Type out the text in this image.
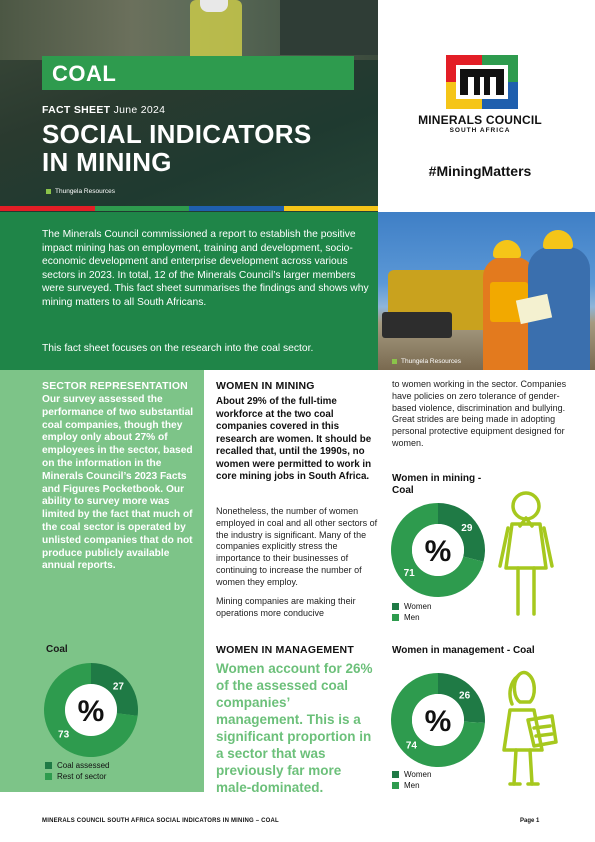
COAL
FACT SHEET June 2024
SOCIAL INDICATORS
IN MINING
Thungela Resources
MINERALS COUNCIL
SOUTH AFRICA
#MiningMatters

The Minerals Council commissioned a report to establish the positive impact mining has on employment, training and development, socio-economic development and enterprise development across various sectors in 2023. In total, 12 of the Minerals Council’s larger members were surveyed. This fact sheet summarises the findings and shows why mining matters to all South Africans.

This fact sheet focuses on the research into the coal sector.

Thungela Resources
SECTOR REPRESENTATION
Our survey assessed the performance of two substantial coal companies, though they employ only about 27% of employees in the sector, based on the information in the Minerals Council’s 2023 Facts and Figures Pocketbook. Our ability to survey more was limited by the fact that much of the coal sector is operated by unlisted companies that do not produce publicly available annual reports.
Coal
WOMEN IN MINING
About 29% of the full-time workforce at the two coal companies covered in this research are women. It should be recalled that, until the 1990s, no women were permitted to work in core mining jobs in South Africa.
Nonetheless, the number of women employed in coal and all other sectors of the industry is significant. Many of the companies explicitly stress the importance to their businesses of continuing to increase the number of women they employ.
Mining companies are making their operations more conducive
to women working in the sector. Companies have policies on zero tolerance of gender-based violence, discrimination and bullying. Great strides are being made in adopting personal protective equipment designed for women.
Women in mining - Coal
WOMEN IN MANAGEMENT
Women account for 26% of the assessed coal companies’ management. This is a significant proportion in a sector that was previously far more male-dominated.
Women in management - Coal
27
73
%
29
71
%
26
74
%
Coal assessed
Rest of sector
Women
Men
Women
Men
MINERALS COUNCIL SOUTH AFRICA SOCIAL INDICATORS IN MINING – COAL	Page 1
